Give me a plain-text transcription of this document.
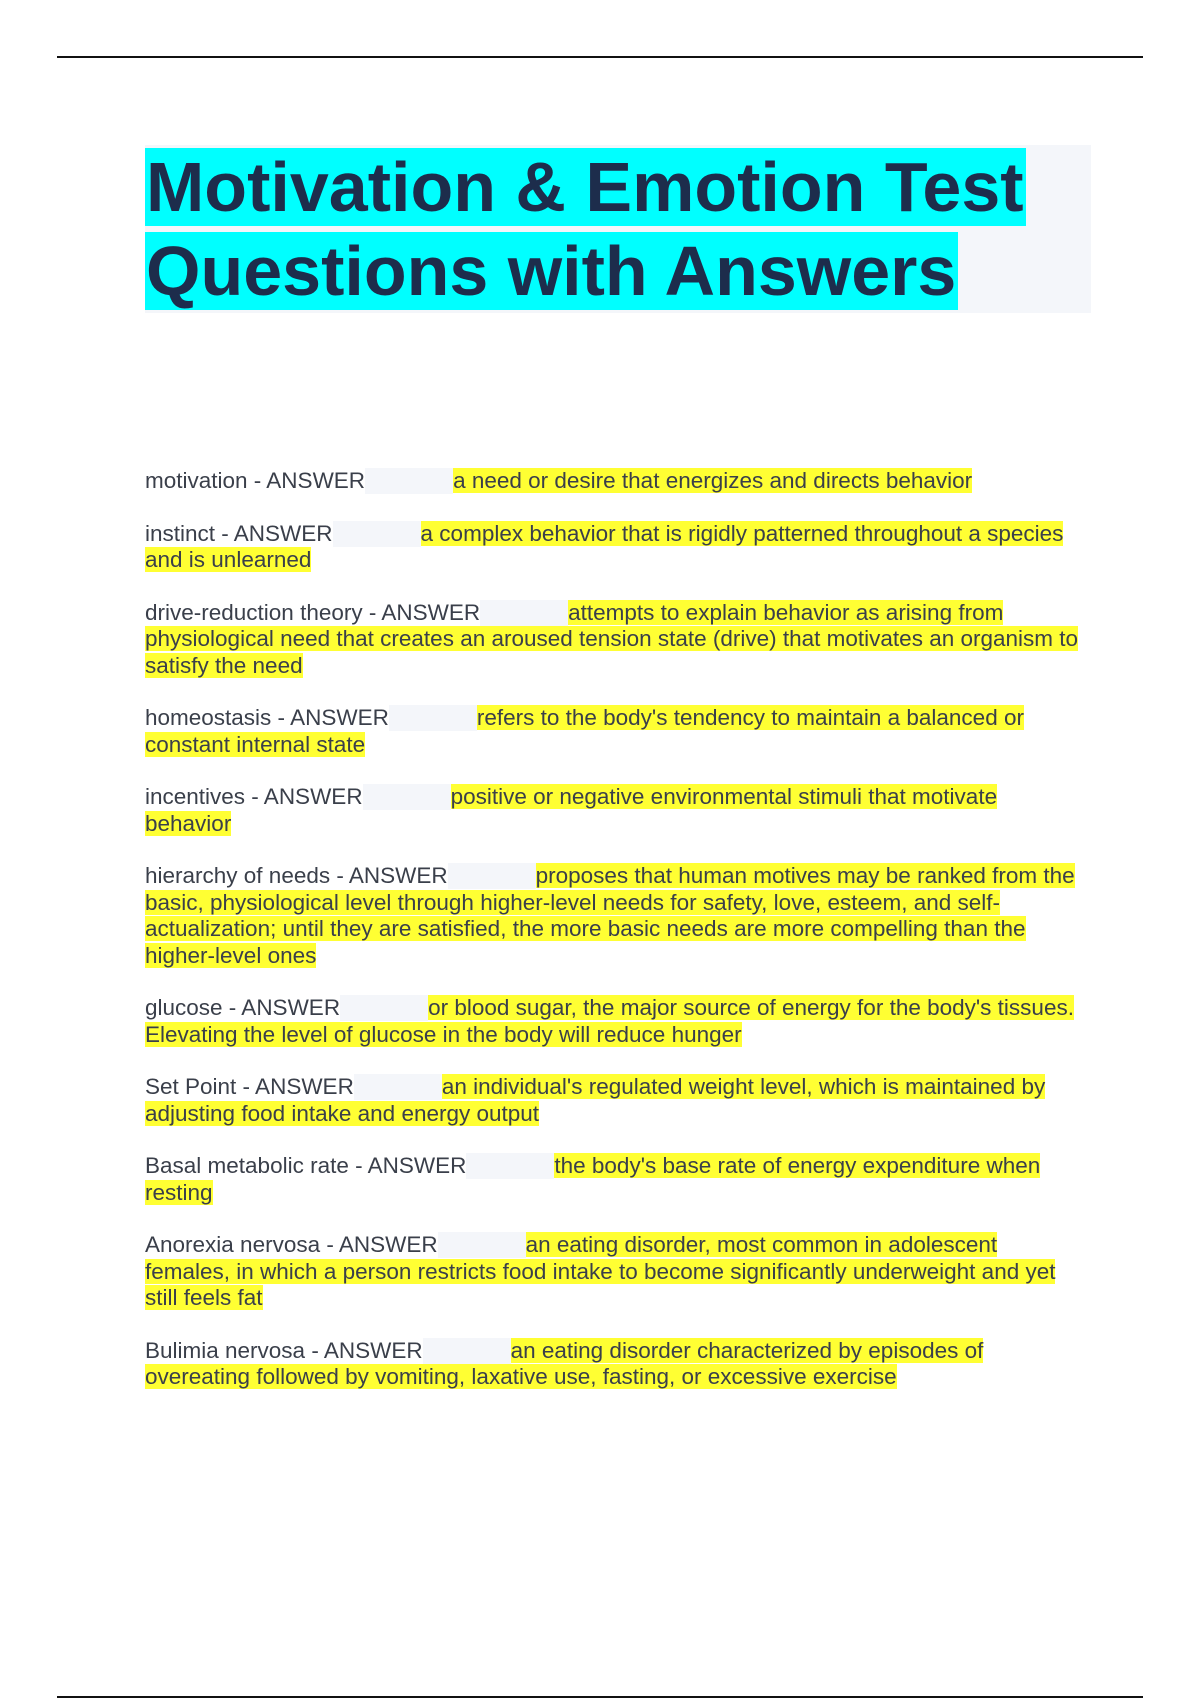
Motivation & Emotion Test
Questions with Answers

motivation - ANSWER	a need or desire that energizes and directs behavior

instinct - ANSWER	a complex behavior that is rigidly patterned throughout a species and is unlearned

drive-reduction theory - ANSWER	attempts to explain behavior as arising from physiological need that creates an aroused tension state (drive) that motivates an organism to satisfy the need

homeostasis - ANSWER	refers to the body's tendency to maintain a balanced or constant internal state

incentives - ANSWER	positive or negative environmental stimuli that motivate behavior

hierarchy of needs - ANSWER	proposes that human motives may be ranked from the basic, physiological level through higher-level needs for safety, love, esteem, and self-actualization; until they are satisfied, the more basic needs are more compelling than the higher-level ones

glucose - ANSWER	or blood sugar, the major source of energy for the body's tissues. Elevating the level of glucose in the body will reduce hunger

Set Point - ANSWER	an individual's regulated weight level, which is maintained by adjusting food intake and energy output

Basal metabolic rate - ANSWER	the body's base rate of energy expenditure when resting

Anorexia nervosa - ANSWER	an eating disorder, most common in adolescent females, in which a person restricts food intake to become significantly underweight and yet still feels fat

Bulimia nervosa - ANSWER	an eating disorder characterized by episodes of overeating followed by vomiting, laxative use, fasting, or excessive exercise
